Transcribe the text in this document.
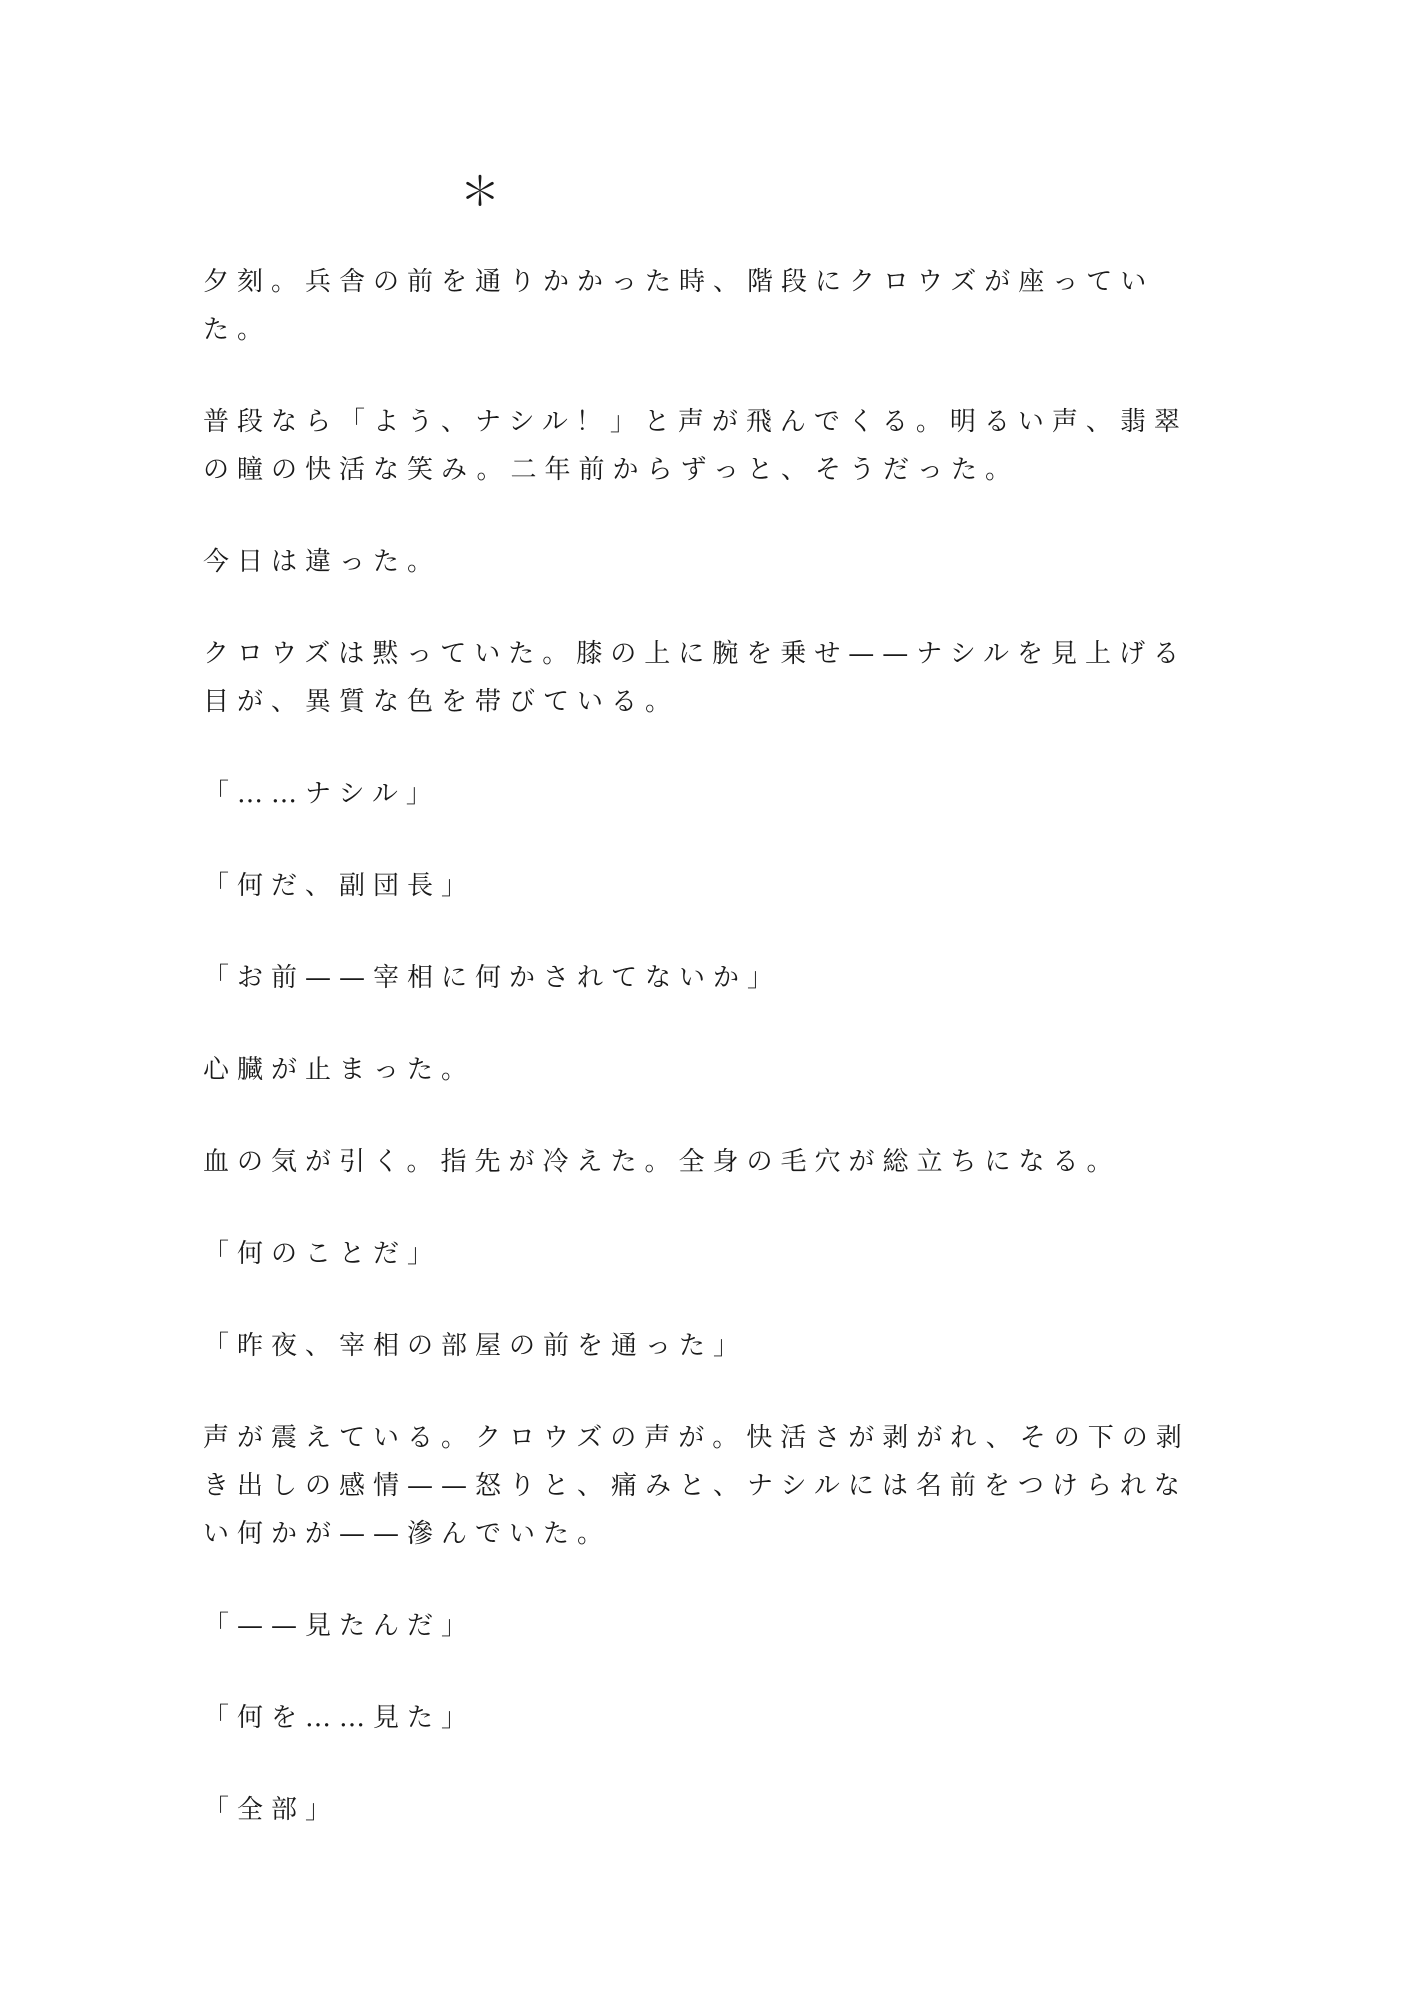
＊

夕刻。兵舎の前を通りかかった時、階段にクロウズが座っていた。

普段なら「よう、ナシル！」と声が飛んでくる。明るい声、翡翠の瞳の快活な笑み。二年前からずっと、そうだった。

今日は違った。

クロウズは黙っていた。膝の上に腕を乗せ——ナシルを見上げる目が、異質な色を帯びている。

「……ナシル」

「何だ、副団長」

「お前——宰相に何かされてないか」

心臓が止まった。

血の気が引く。指先が冷えた。全身の毛穴が総立ちになる。

「何のことだ」

「昨夜、宰相の部屋の前を通った」

声が震えている。クロウズの声が。快活さが剥がれ、その下の剥き出しの感情——怒りと、痛みと、ナシルには名前をつけられない何かが——滲んでいた。

「——見たんだ」

「何を……見た」

「全部」
